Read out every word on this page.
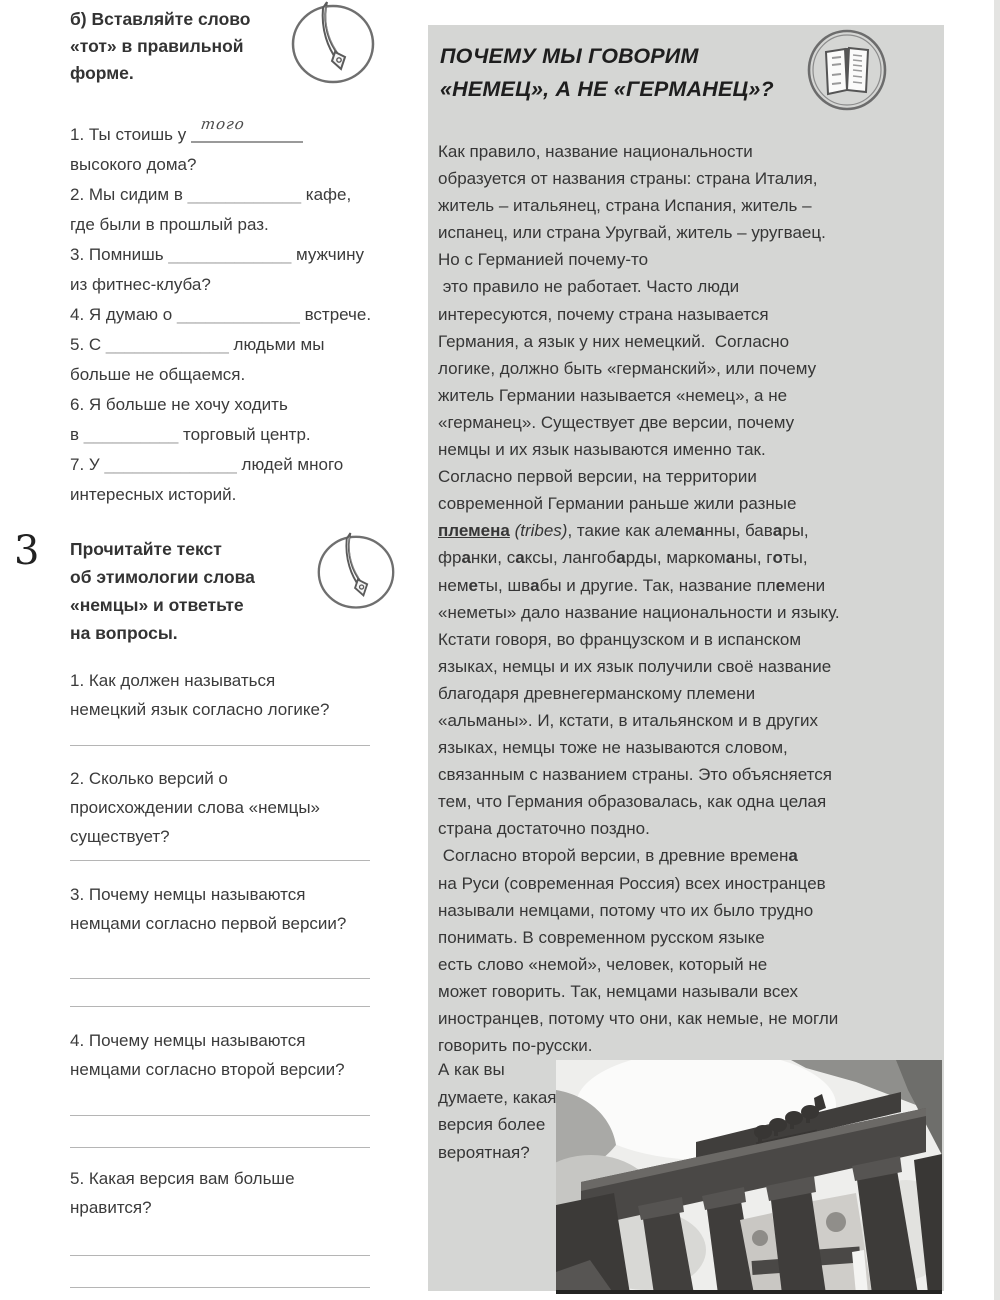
б) Вставляйте слово
«тот» в правильной
форме.
1. Ты стоишь у
того
высокого дома?
2. Мы сидим в ____________ кафе,
где были в прошлый раз.
3. Помнишь _____________ мужчину
из фитнес-клуба?
4. Я думаю о _____________ встрече.
5. С _____________ людьми мы
больше не общаемся.
6. Я больше не хочу ходить
в __________ торговый центр.
7. У ______________ людей много
интересных историй.
3 Прочитайте текст
об этимологии слова
«немцы» и ответьте
на вопросы.
1. Как должен называться
немецкий язык согласно логике?
2. Сколько версий о
происхождении слова «немцы»
существует?
3. Почему немцы называются
немцами согласно первой версии?
4. Почему немцы называются
немцами согласно второй версии?
5. Какая версия вам больше
нравится?
ПОЧЕМУ МЫ ГОВОРИМ
«НЕМЕЦ», А НЕ «ГЕРМАНЕЦ»?
Как правило, название национальности
образуется от названия страны: страна Италия,
житель – итальянец, страна Испания, житель –
испанец, или страна Уругвай, житель – уругваец.
Но с Германией почему-то
это правило не работает. Часто люди
интересуются, почему страна называется
Германия, а язык у них немецкий.  Согласно
логике, должно быть «германский», или почему
житель Германии называется «немец», а не
«германец». Существует две версии, почему
немцы и их язык называются именно так.
Согласно первой версии, на территории
современной Германии раньше жили разные
племена (tribes), такие как алеманны, бавары,
франки, саксы, лангобарды, маркоманы, готы,
неметы, швабы и другие. Так, название племени
«неметы» дало название национальности и языку.
Кстати говоря, во французском и в испанском
языках, немцы и их язык получили своё название
благодаря древнегерманскому племени
«альманы». И, кстати, в итальянском и в других
языках, немцы тоже не называются словом,
связанным с названием страны. Это объясняется
тем, что Германия образовалась, как одна целая
страна достаточно поздно.
Согласно второй версии, в древние времена
на Руси (современная Россия) всех иностранцев
называли немцами, потому что их было трудно
понимать. В современном русском языке
есть слово «немой», человек, который не
может говорить. Так, немцами называли всех
иностранцев, потому что они, как немые, не могли
говорить по-русски.
А как вы
думаете, какая
версия более
вероятная?
